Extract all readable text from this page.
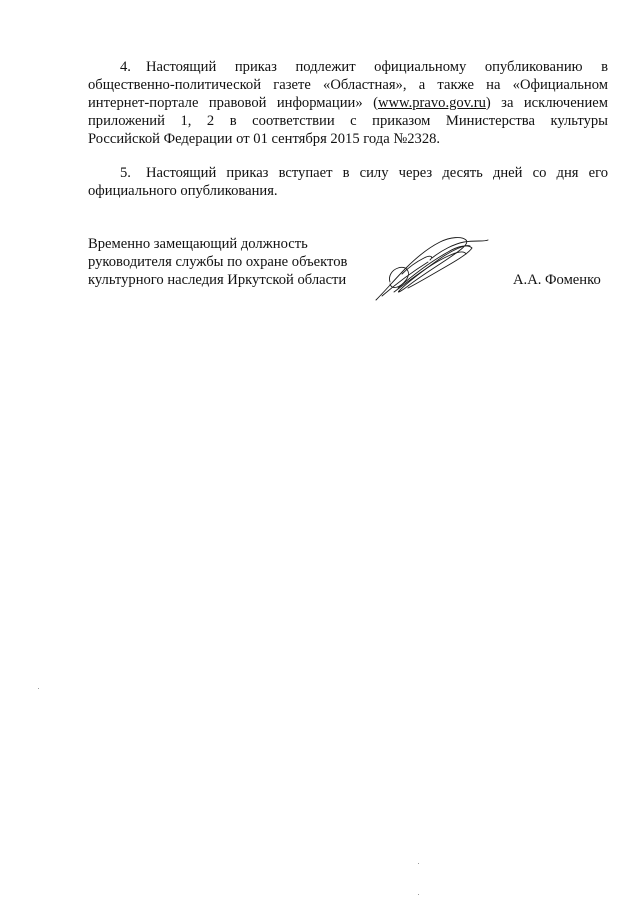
4. Настоящий приказ подлежит официальному опубликованию в
общественно-политической газете «Областная», а также на «Официальном
интернет-портале правовой информации» (www.pravo.gov.ru) за исключением
приложений 1, 2 в соответствии с приказом Министерства культуры
Российской Федерации от 01 сентября 2015 года №2328.
5. Настоящий приказ вступает в силу через десять дней со дня его
официального опубликования.
Временно замещающий должность
руководителя службы по охране объектов
культурного наследия Иркутской области	А.А. Фоменко
